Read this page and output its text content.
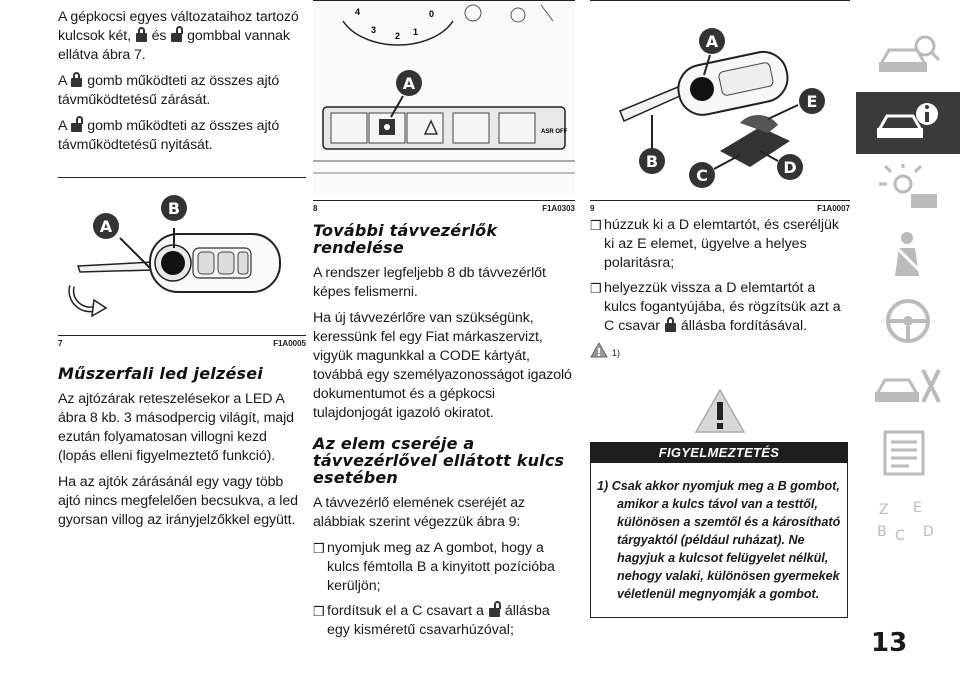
A gépkocsi egyes változataihoz tartozó kulcsok két, és gombbal vannak ellátva ábra 7.

A gomb működteti az összes ajtó távműködtetésű zárását.

A gomb működteti az összes ajtó távműködtetésű nyitását.

A
B
7	F1A0005
Műszerfali led jelzései

Az ajtózárak reteszelésekor a LED A ábra 8 kb. 3 másodpercig világít, majd ezután folyamatosan villogni kezd (lopás elleni figyelmeztető funkció).

Ha az ajtók zárásánál egy vagy több ajtó nincs megfelelően becsukva, a led gyorsan villog az irányjelzőkkel együtt.

4
3
2 1
0
ASR OFF
A
8	F1A0303
További távvezérlők rendelése

A rendszer legfeljebb 8 db távvezérlőt képes felismerni.

Ha új távvezérlőre van szükségünk, keressünk fel egy Fiat márkaszervizt, vigyük magunkkal a CODE kártyát, továbbá egy személyazonosságot igazoló dokumentumot és a gépkocsi tulajdonjogát igazoló okiratot.

Az elem cseréje a távvezérlővel ellátott kulcs esetében

A távvezérlő elemének cseréjét az alábbiak szerint végezzük ábra 9:

❒ nyomjuk meg az A gombot, hogy a kulcs fémtolla B a kinyitott pozícióba kerüljön;
❒ fordítsuk el a C csavart a állásba egy kisméretű csavarhúzóval;
A
E
B
C	D
9	F1A0007
❒ húzzuk ki a D elemtartót, és cseréljük ki az E elemet, ügyelve a helyes polaritásra;
❒ helyezzük vissza a D elemtartót a kulcs fogantyújába, és rögzítsük azt a C csavar állásba fordításával.
1)
FIGYELMEZTETÉS

1) Csak akkor nyomjuk meg a B gombot, amikor a kulcs távol van a testtől, különösen a szemtől és a károsítható tárgyaktól (például ruházat). Ne hagyjuk a kulcsot felügyelet nélkül, nehogy valaki, különösen gyermekek véletlenül megnyomják a gombot.

Z E
B C D
13
